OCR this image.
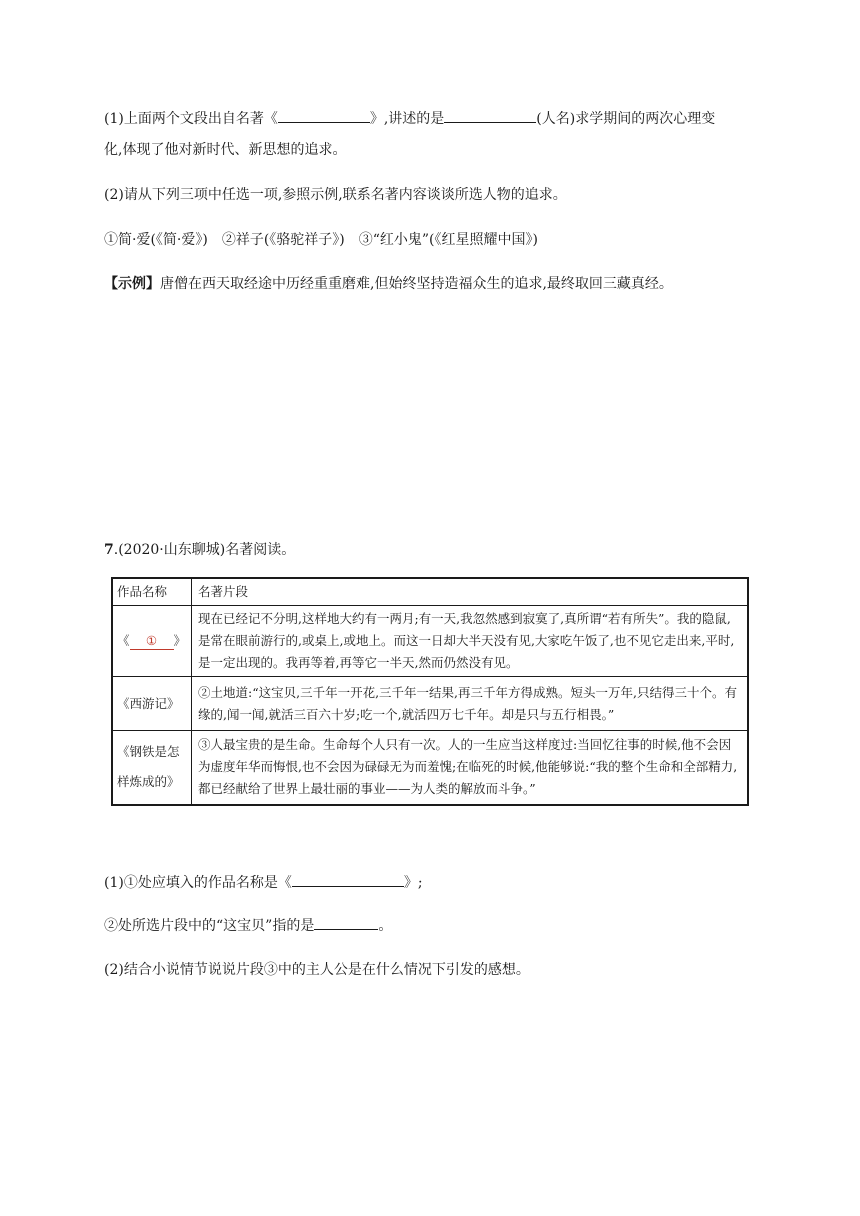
(1)上面两个文段出自名著《	》,讲述的是	(人名)求学期间的两次心理变
化,体现了他对新时代、新思想的追求。
(2)请从下列三项中任选一项,参照示例,联系名著内容谈谈所选人物的追求。
①简·爱(《简·爱》)　②祥子(《骆驼祥子》)　③“红小鬼”(《红星照耀中国》)
【示例】唐僧在西天取经途中历经重重磨难,但始终坚持造福众生的追求,最终取回三藏真经。
7.(2020·山东聊城)名著阅读。
作品名称	名著片段
《 ① 》	现在已经记不分明,这样地大约有一两月;有一天,我忽然感到寂寞了,真所谓“若有所失”。我的隐鼠,是常在眼前游行的,或桌上,或地上。而这一日却大半天没有见,大家吃午饭了,也不见它走出来,平时,是一定出现的。我再等着,再等它一半天,然而仍然没有见。
《西游记》	②土地道:“这宝贝,三千年一开花,三千年一结果,再三千年方得成熟。短头一万年,只结得三十个。有缘的,闻一闻,就活三百六十岁;吃一个,就活四万七千年。却是只与五行相畏。”
《钢铁是怎样炼成的》	③人最宝贵的是生命。生命每个人只有一次。人的一生应当这样度过:当回忆往事的时候,他不会因为虚度年华而悔恨,也不会因为碌碌无为而羞愧;在临死的时候,他能够说:“我的整个生命和全部精力,都已经献给了世界上最壮丽的事业——为人类的解放而斗争。”
(1)①处应填入的作品名称是《	》;
②处所选片段中的“这宝贝”指的是	。
(2)结合小说情节说说片段③中的主人公是在什么情况下引发的感想。
